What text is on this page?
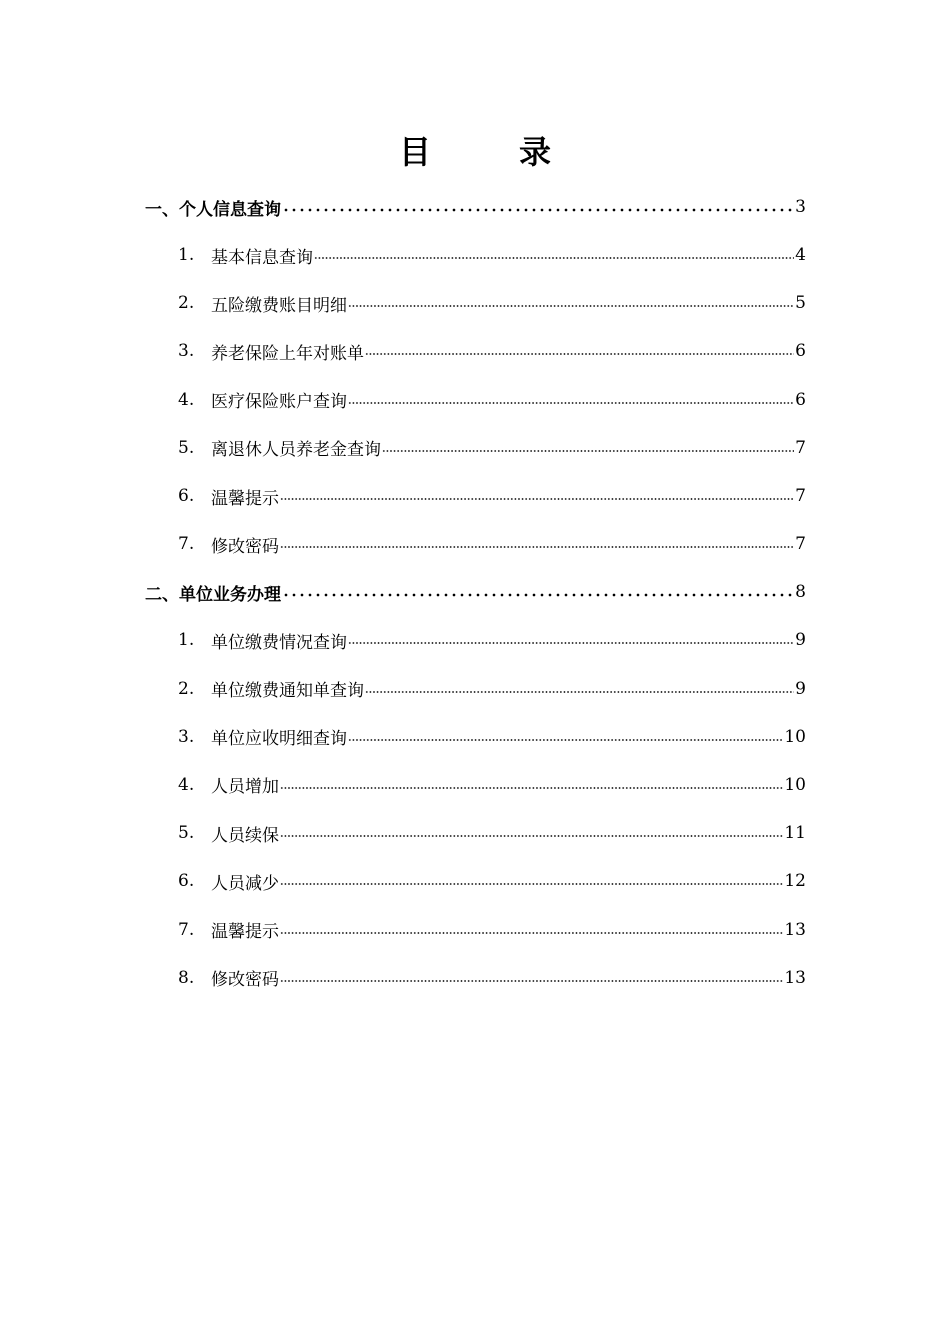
目　录
一、个人信息查询	3
1. 基本信息查询	4
2. 五险缴费账目明细	5
3. 养老保险上年对账单	6
4. 医疗保险账户查询	6
5. 离退休人员养老金查询	7
6. 温馨提示	7
7. 修改密码	7
二、单位业务办理	8
1. 单位缴费情况查询	9
2. 单位缴费通知单查询	9
3. 单位应收明细查询	10
4. 人员增加	10
5. 人员续保	11
6. 人员减少	12
7. 温馨提示	13
8. 修改密码	13
